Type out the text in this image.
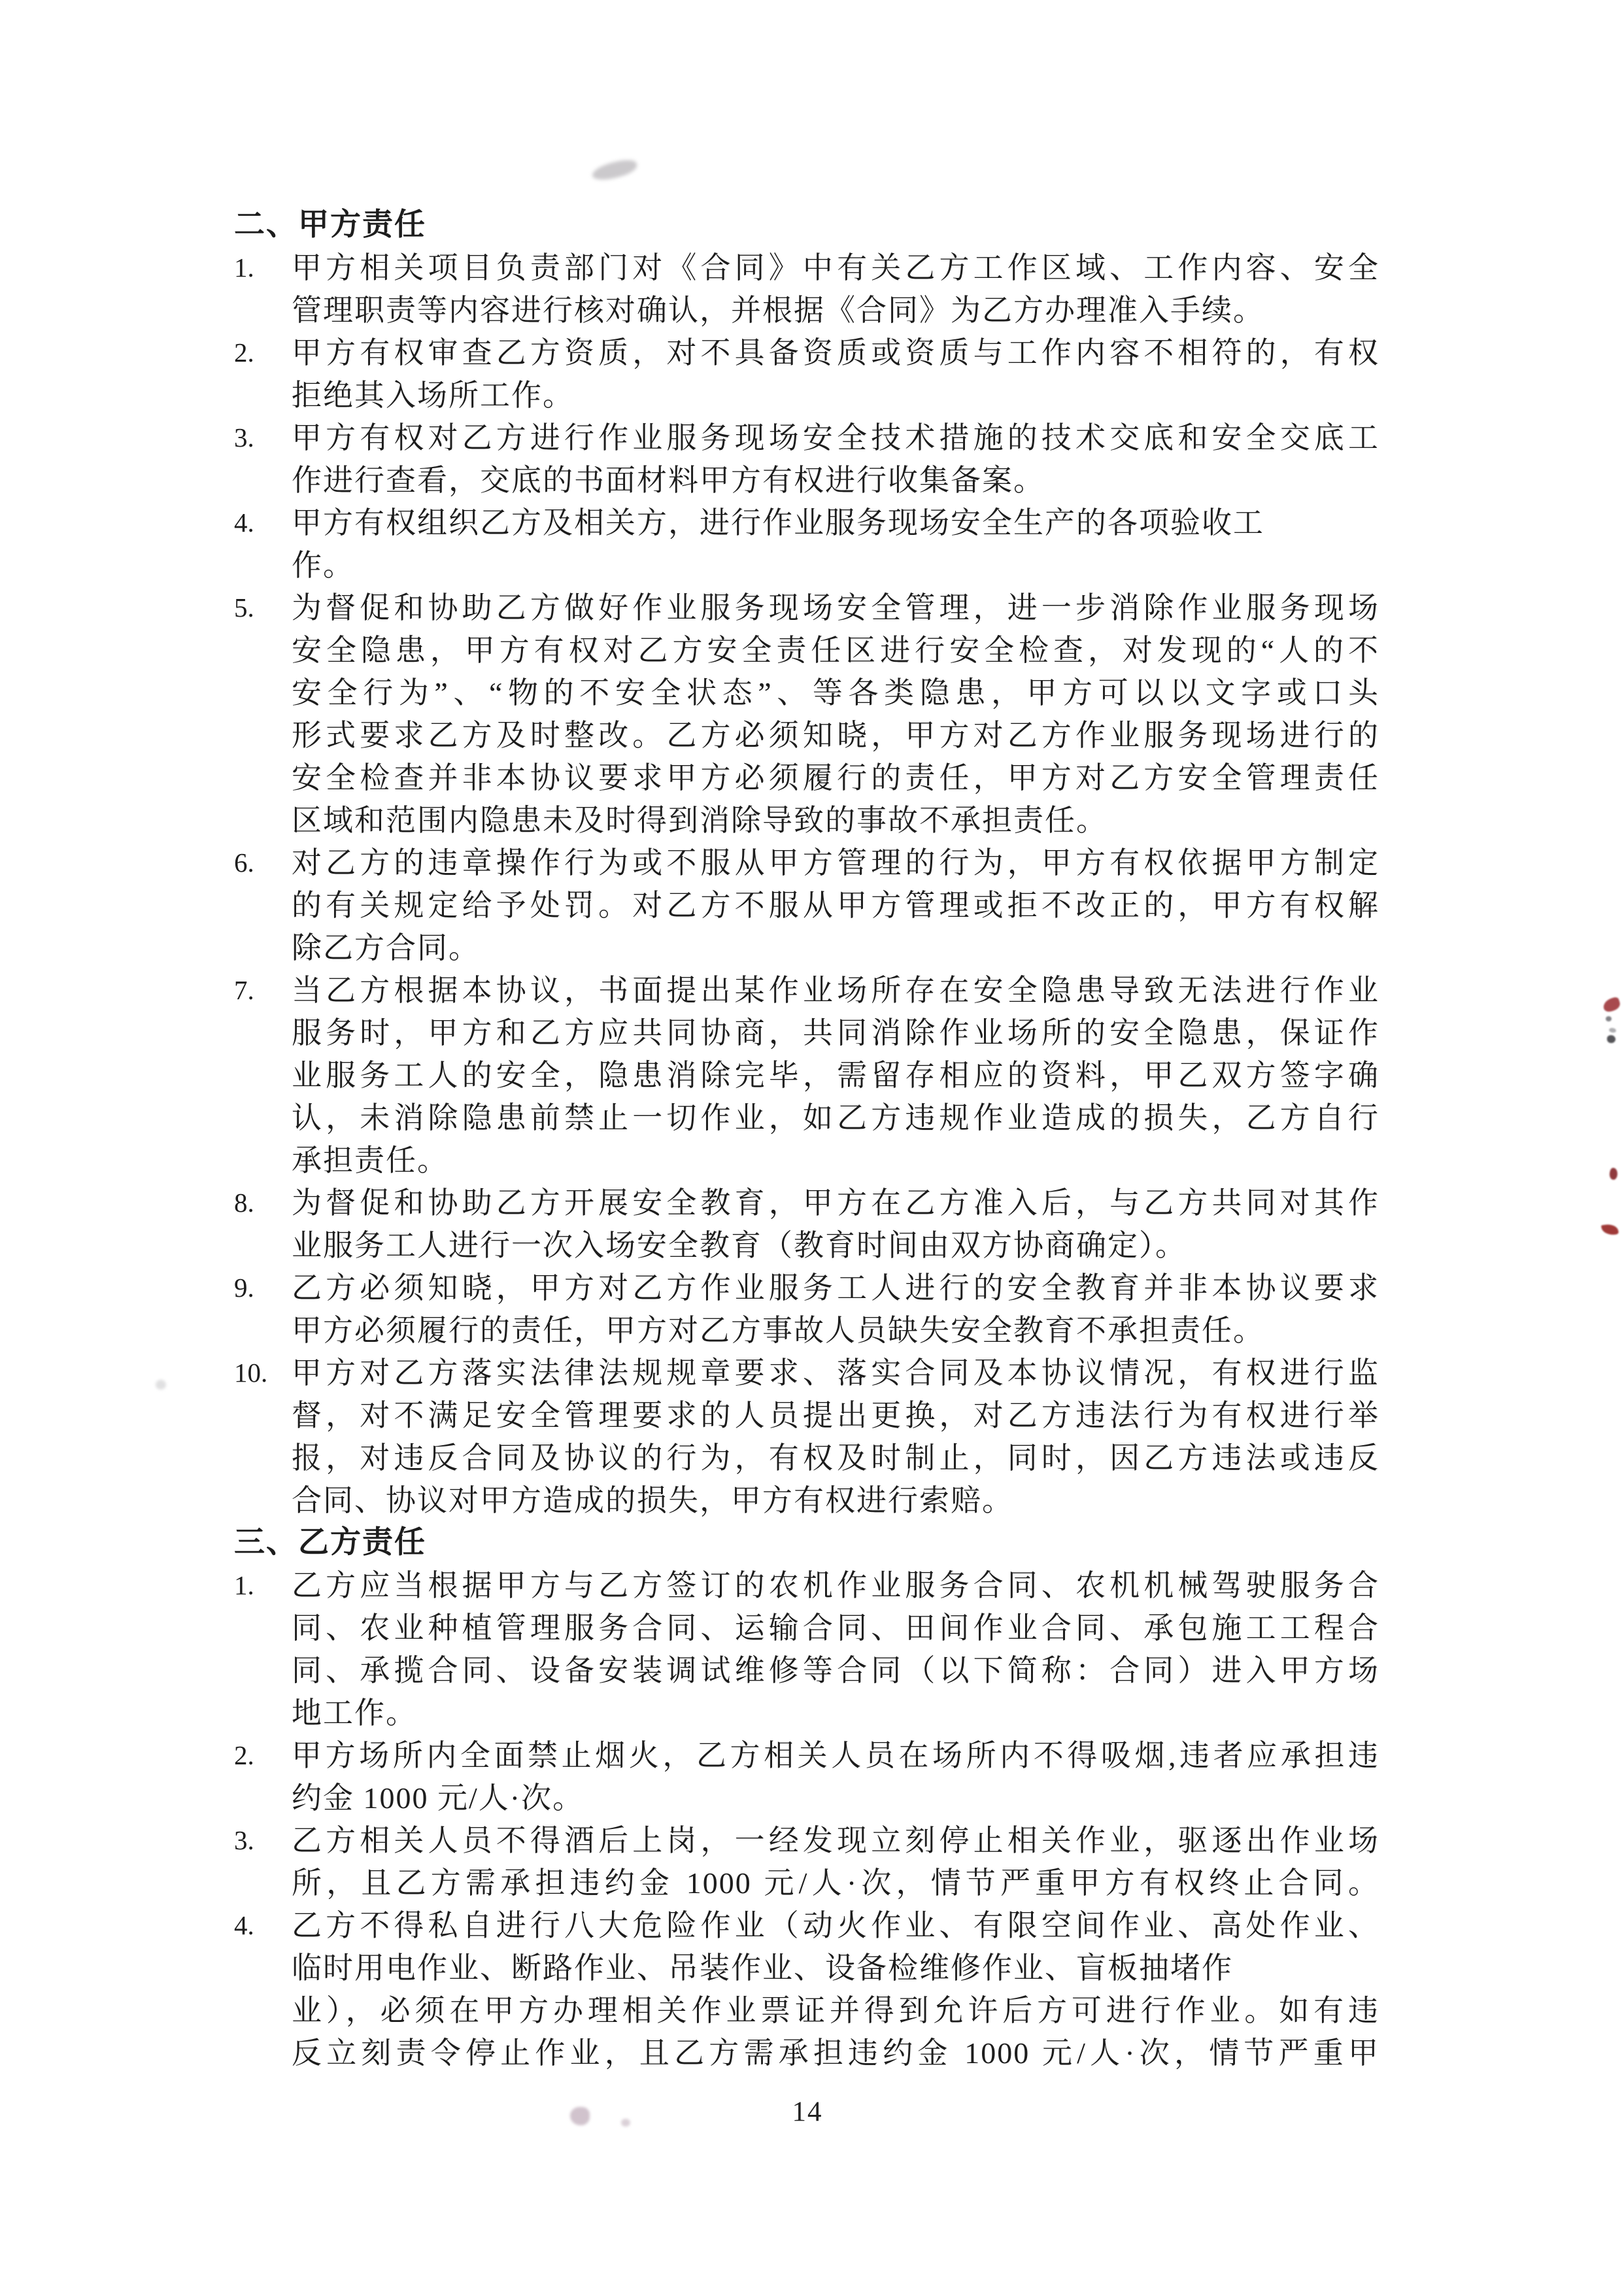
二、甲方责任
1.	甲方相关项目负责部门对《合同》中有关乙方工作区域、工作内容、安全
管理职责等内容进行核对确认，并根据《合同》为乙方办理准入手续。
2.	甲方有权审查乙方资质，对不具备资质或资质与工作内容不相符的，有权
拒绝其入场所工作。
3.	甲方有权对乙方进行作业服务现场安全技术措施的技术交底和安全交底工
作进行查看，交底的书面材料甲方有权进行收集备案。
4.	甲方有权组织乙方及相关方，进行作业服务现场安全生产的各项验收工
作。
5.	为督促和协助乙方做好作业服务现场安全管理，进一步消除作业服务现场
安全隐患，甲方有权对乙方安全责任区进行安全检查，对发现的“人的不
安全行为”、“物的不安全状态”、等各类隐患，甲方可以以文字或口头
形式要求乙方及时整改。乙方必须知晓，甲方对乙方作业服务现场进行的
安全检查并非本协议要求甲方必须履行的责任，甲方对乙方安全管理责任
区域和范围内隐患未及时得到消除导致的事故不承担责任。
6.	对乙方的违章操作行为或不服从甲方管理的行为，甲方有权依据甲方制定
的有关规定给予处罚。对乙方不服从甲方管理或拒不改正的，甲方有权解
除乙方合同。
7.	当乙方根据本协议，书面提出某作业场所存在安全隐患导致无法进行作业
服务时，甲方和乙方应共同协商，共同消除作业场所的安全隐患，保证作
业服务工人的安全，隐患消除完毕，需留存相应的资料，甲乙双方签字确
认，未消除隐患前禁止一切作业，如乙方违规作业造成的损失，乙方自行
承担责任。
8.	为督促和协助乙方开展安全教育，甲方在乙方准入后，与乙方共同对其作
业服务工人进行一次入场安全教育（教育时间由双方协商确定）。
9.	乙方必须知晓，甲方对乙方作业服务工人进行的安全教育并非本协议要求
甲方必须履行的责任，甲方对乙方事故人员缺失安全教育不承担责任。
10. 甲方对乙方落实法律法规规章要求、落实合同及本协议情况，有权进行监
督，对不满足安全管理要求的人员提出更换，对乙方违法行为有权进行举
报，对违反合同及协议的行为，有权及时制止，同时，因乙方违法或违反
合同、协议对甲方造成的损失，甲方有权进行索赔。
三、乙方责任
1.	乙方应当根据甲方与乙方签订的农机作业服务合同、农机机械驾驶服务合
同、农业种植管理服务合同、运输合同、田间作业合同、承包施工工程合
同、承揽合同、设备安装调试维修等合同（以下简称：合同）进入甲方场
地工作。
2.	甲方场所内全面禁止烟火，乙方相关人员在场所内不得吸烟,违者应承担违
约金 1000 元/人·次。
3.	乙方相关人员不得酒后上岗，一经发现立刻停止相关作业，驱逐出作业场
所，且乙方需承担违约金 1000 元/人·次，情节严重甲方有权终止合同。
4.	乙方不得私自进行八大危险作业（动火作业、有限空间作业、高处作业、
临时用电作业、断路作业、吊装作业、设备检维修作业、盲板抽堵作
业），必须在甲方办理相关作业票证并得到允许后方可进行作业。如有违
反立刻责令停止作业，且乙方需承担违约金 1000 元/人·次，情节严重甲
14
